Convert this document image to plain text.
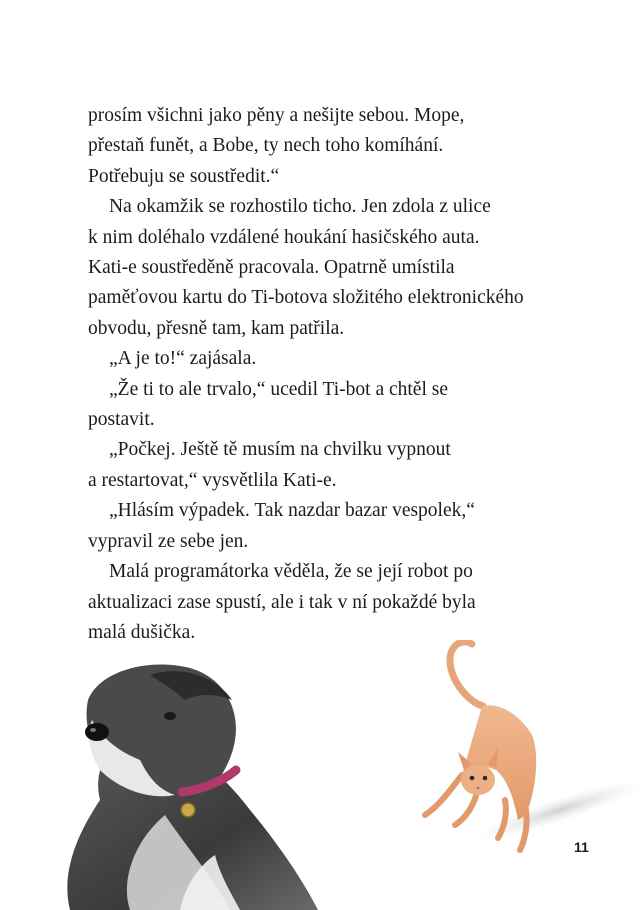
prosím všichni jako pěny a nešijte sebou. Mope,

přestaň funět, a Bobe, ty nech toho komíhání.

Potřebuju se soustředit.“

Na okamžik se rozhostilo ticho. Jen zdola z ulice

k nim doléhalo vzdálené houkání hasičského auta.

Kati-e soustředěně pracovala. Opatrně umístila

paměťovou kartu do Ti-botova složitého elektronického

obvodu, přesně tam, kam patřila.

„A je to!“ zajásala.

„Že ti to ale trvalo,“ ucedil Ti-bot a chtěl se

postavit.

„Počkej. Ještě tě musím na chvilku vypnout

a restartovat,“ vysvětlila Kati-e.

„Hlásím výpadek. Tak nazdar bazar vespolek,“

vypravil ze sebe jen.

Malá programátorka věděla, že se její robot po

aktualizaci zase spustí, ale i tak v ní pokaždé byla

malá dušička.

11
